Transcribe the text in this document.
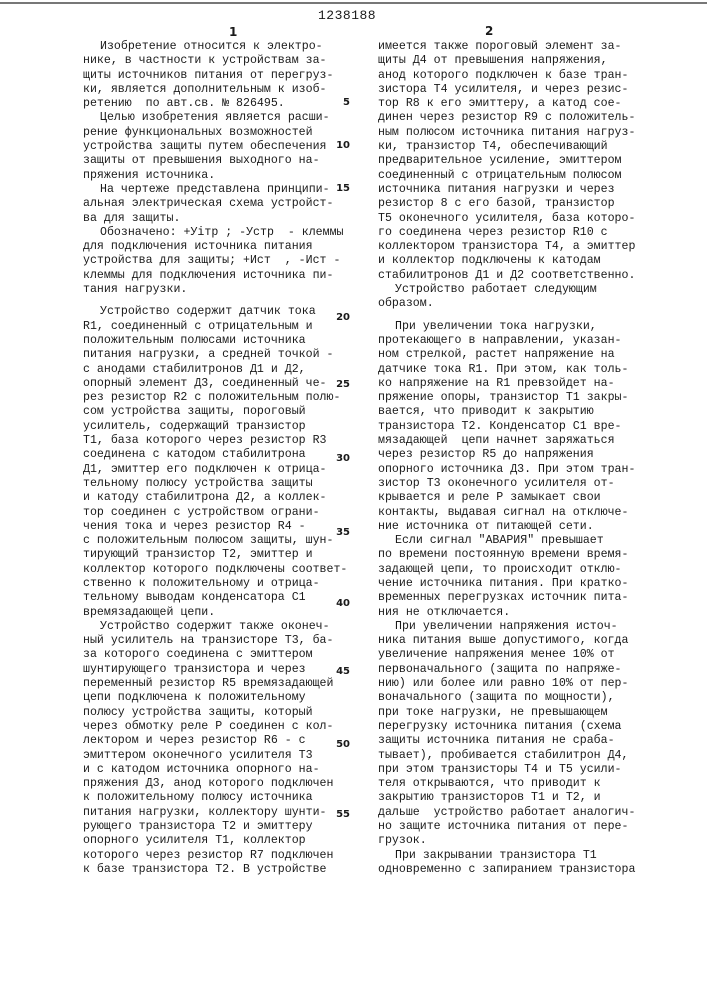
1
1238188
2
Изобретение относится к электро-
нике, в частности к устройствам за-
щиты источников питания от перегруз-
ки, является дополнительным к изоб-
ретению  по авт.св. № 826495.
Целью изобретения является расши-
рение функциональных возможностей
устройства защиты путем обеспечения
защиты от превышения выходного на-
пряжения источника.
На чертеже представлена принципи-
альная электрическая схема устройст-
ва для защиты.
Обозначено: +Уiтр ; -Устр  - клеммы
для подключения источника питания
устройства для защиты; +Ист  , -Ист -
клеммы для подключения источника пи-
тания нагрузки.
Устройство содержит датчик тока
R1, соединенный с отрицательным и
положительным полюсами источника
питания нагрузки, а средней точкой -
с анодами стабилитронов Д1 и Д2,
опорный элемент Д3, соединенный че-
рез резистор R2 с положительным полю-
сом устройства защиты, пороговый
усилитель, содержащий транзистор
T1, база которого через резистор R3
соединена с катодом стабилитрона
Д1, эмиттер его подключен к отрица-
тельному полюсу устройства защиты
и катоду стабилитрона Д2, а коллек-
тор соединен с устройством ограни-
чения тока и через резистор R4 -
с положительным полюсом защиты, шун-
тирующий транзистор T2, эмиттер и
коллектор которого подключены соответ-
ственно к положительному и отрица-
тельному выводам конденсатора C1
времязадающей цепи.
Устройство содержит также оконеч-
ный усилитель на транзисторе T3, ба-
за которого соединена с эмиттером
шунтирующего транзистора и через
переменный резистор R5 времязадающей
цепи подключена к положительному
полюсу устройства защиты, который
через обмотку реле P соединен с кол-
лектором и через резистор R6 - с
эмиттером оконечного усилителя T3
и с катодом источника опорного на-
пряжения Д3, анод которого подключен
к положительному полюсу источника
питания нагрузки, коллектору шунти-
рующего транзистора T2 и эмиттеру
опорного усилителя T1, коллектор
которого через резистор R7 подключен
к базе транзистора T2. В устройстве
имеется также пороговый элемент за-
щиты Д4 от превышения напряжения,
анод которого подключен к базе тран-
зистора T4 усилителя, и через резис-
тор R8 к его эмиттеру, а катод сое-
динен через резистор R9 с положитель-
ным полюсом источника питания нагруз-
ки, транзистор T4, обеспечивающий
предварительное усиление, эмиттером
соединенный с отрицательным полюсом
источника питания нагрузки и через
резистор 8 с его базой, транзистор
T5 оконечного усилителя, база которо-
го соединена через резистор R10 с
коллектором транзистора T4, а эмиттер
и коллектор подключены к катодам
стабилитронов Д1 и Д2 соответственно.
Устройство работает следующим
образом.
При увеличении тока нагрузки,
протекающего в направлении, указан-
ном стрелкой, растет напряжение на
датчике тока R1. При этом, как толь-
ко напряжение на R1 превзойдет на-
пряжение опоры, транзистор T1 закры-
вается, что приводит к закрытию
транзистора T2. Конденсатор C1 вре-
мязадающей  цепи начнет заряжаться
через резистор R5 до напряжения
опорного источника Д3. При этом тран-
зистор T3 оконечного усилителя от-
крывается и реле P замыкает свои
контакты, выдавая сигнал на отключе-
ние источника от питающей сети.
Если сигнал "АВАРИЯ" превышает
по времени постоянную времени время-
задающей цепи, то происходит отклю-
чение источника питания. При кратко-
временных перегрузках источник пита-
ния не отключается.
При увеличении напряжения источ-
ника питания выше допустимого, когда
увеличение напряжения менее 10% от
первоначального (защита по напряже-
нию) или более или равно 10% от пер-
воначального (защита по мощности),
при токе нагрузки, не превышающем
перегрузку источника питания (схема
защиты источника питания не сраба-
тывает), пробивается стабилитрон Д4,
при этом транзисторы T4 и T5 усили-
теля открываются, что приводит к
закрытию транзисторов T1 и T2, и
дальше  устройство работает аналогич-
но защите источника питания от пере-
грузок.
При закрывании транзистора T1
одновременно с запиранием транзистора
5
10
15
20
25
30
35
40
45
50
55
